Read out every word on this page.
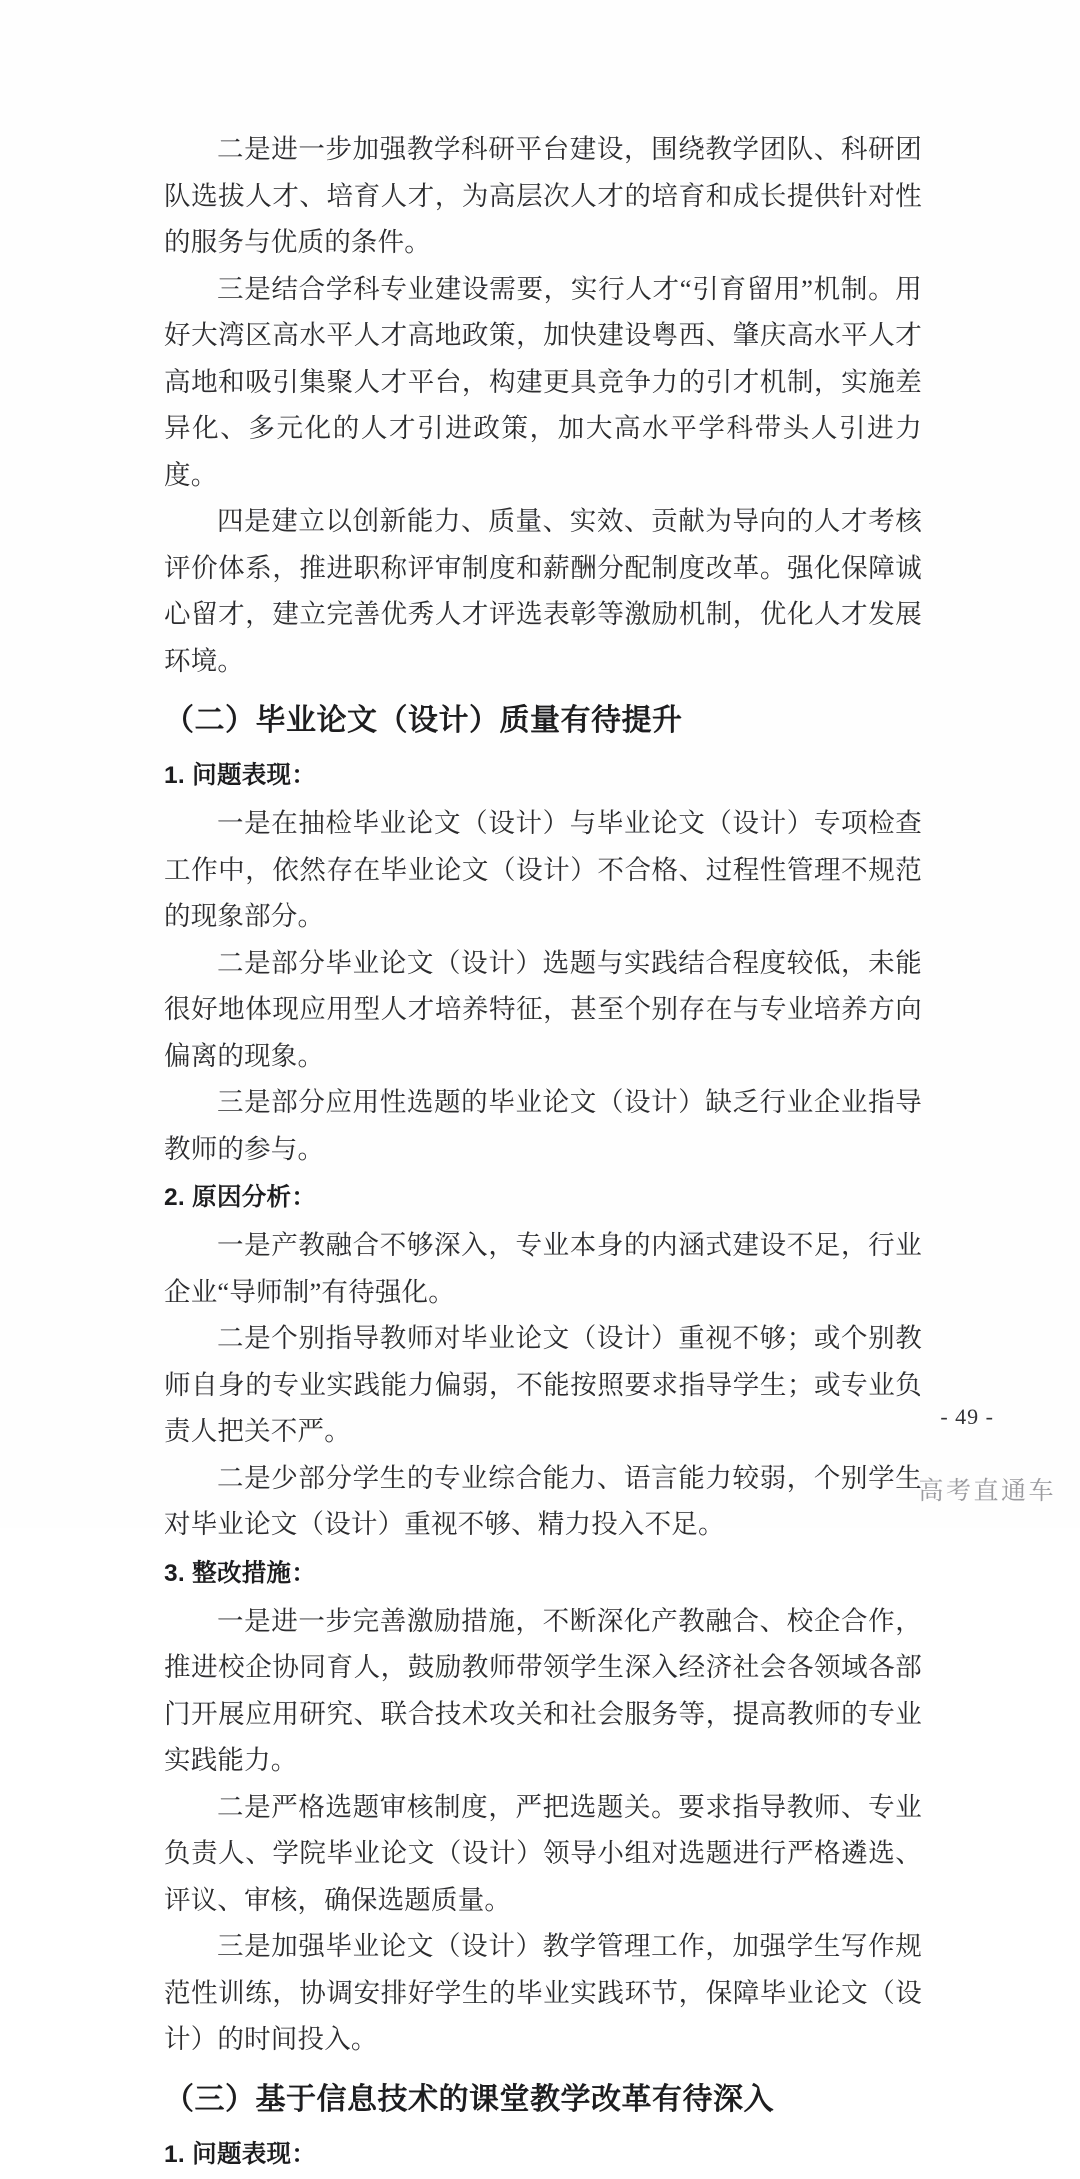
二是进一步加强教学科研平台建设，围绕教学团队、科研团队选拔人才、培育人才，为高层次人才的培育和成长提供针对性的服务与优质的条件。

三是结合学科专业建设需要，实行人才“引育留用”机制。用好大湾区高水平人才高地政策，加快建设粤西、肇庆高水平人才高地和吸引集聚人才平台，构建更具竞争力的引才机制，实施差异化、多元化的人才引进政策，加大高水平学科带头人引进力度。

四是建立以创新能力、质量、实效、贡献为导向的人才考核评价体系，推进职称评审制度和薪酬分配制度改革。强化保障诚心留才，建立完善优秀人才评选表彰等激励机制，优化人才发展环境。

（二）毕业论文（设计）质量有待提升

1. 问题表现：

一是在抽检毕业论文（设计）与毕业论文（设计）专项检查工作中，依然存在毕业论文（设计）不合格、过程性管理不规范的现象部分。

二是部分毕业论文（设计）选题与实践结合程度较低，未能很好地体现应用型人才培养特征，甚至个别存在与专业培养方向偏离的现象。

三是部分应用性选题的毕业论文（设计）缺乏行业企业指导教师的参与。

2. 原因分析：

一是产教融合不够深入，专业本身的内涵式建设不足，行业企业“导师制”有待强化。

二是个别指导教师对毕业论文（设计）重视不够；或个别教师自身的专业实践能力偏弱，不能按照要求指导学生；或专业负责人把关不严。

二是少部分学生的专业综合能力、语言能力较弱，个别学生对毕业论文（设计）重视不够、精力投入不足。

3. 整改措施：

一是进一步完善激励措施，不断深化产教融合、校企合作，推进校企协同育人，鼓励教师带领学生深入经济社会各领域各部门开展应用研究、联合技术攻关和社会服务等，提高教师的专业实践能力。

二是严格选题审核制度，严把选题关。要求指导教师、专业负责人、学院毕业论文（设计）领导小组对选题进行严格遴选、评议、审核，确保选题质量。

三是加强毕业论文（设计）教学管理工作，加强学生写作规范性训练，协调安排好学生的毕业实践环节，保障毕业论文（设计）的时间投入。

（三）基于信息技术的课堂教学改革有待深入

1. 问题表现：

- 49 -
高考直通车
